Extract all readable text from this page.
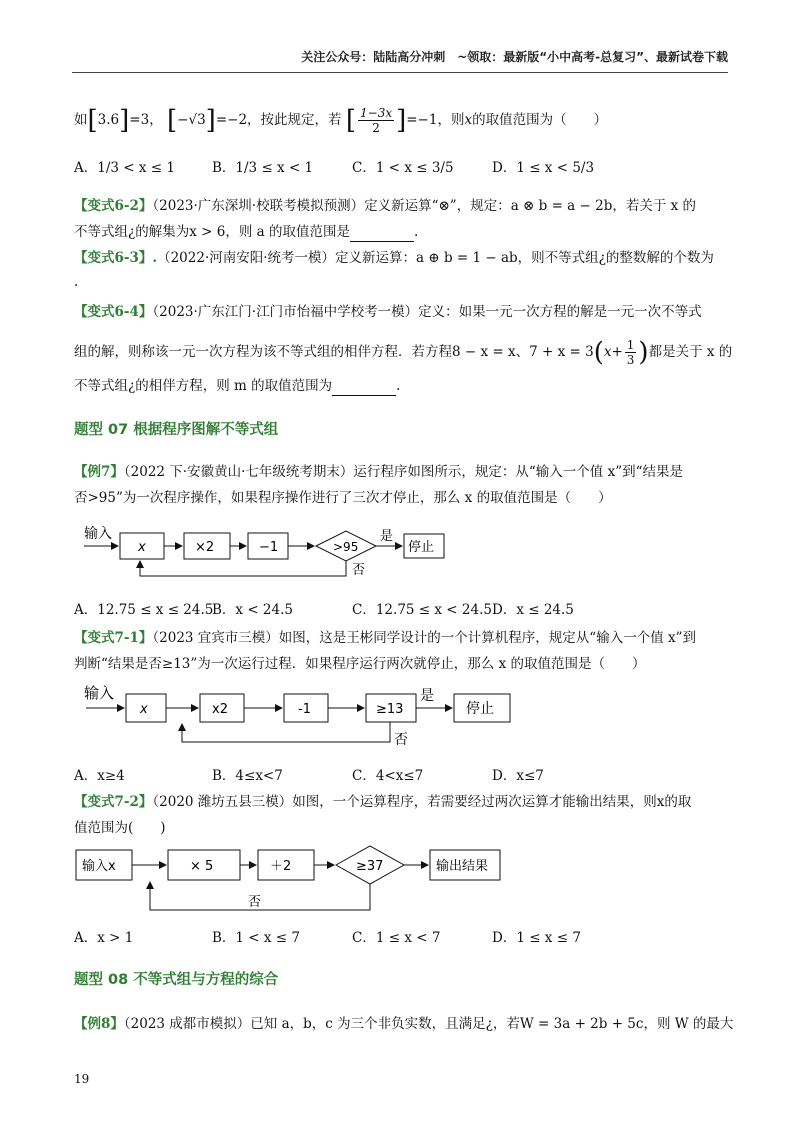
关注公众号：陆陆高分冲刺　~领取：最新版“小中高考-总复习”、最新试卷下载
如[3.6]=3， [−√3]=−2，按此规定，若 [ $\frac{1-3x}{2} ]=-1$，则x的取值范围为（　　）
A．1/3 < x ≤ 1	B．1/3 ≤ x < 1	C．1 < x ≤ 3/5	D．1 ≤ x < 5/3
【变式6-2】（2023·广东深圳·校联考模拟预测）定义新运算“⊗”，规定：a ⊗ b = a − 2b，若关于 x 的
不等式组¿的解集为x > 6，则 a 的取值范围是	.
【变式6-3】.（2022·河南安阳·统考一模）定义新运算：a ⊕ b = 1 − ab，则不等式组¿的整数解的个数为
.
【变式6-4】（2023·广东江门·江门市怡福中学校考一模）定义：如果一元一次方程的解是一元一次不等式
组的解，则称该一元一次方程为该不等式组的相伴方程．若方程8 − x = x、$7 + x = 3(x+ \frac{1}{3}$ )都是关于 x 的
不等式组¿的相伴方程，则 m 的取值范围为	.
题型 07 根据程序图解不等式组
【例7】（2022 下·安徽黄山·七年级统考期末）运行程序如图所示，规定：从“输入一个值 x”到“结果是
否>95”为一次程序操作，如果程序操作进行了三次才停止，那么 x 的取值范围是（　　）
输入
x	×2	−1	>95
是
停止
否
输入
x	x2	-1	≥13
是
停止
否
输入x	× 5	＋2	≥37	输出结果
否
A．12.75 ≤ x ≤ 24.5
B．x < 24.5	C．12.75 ≤ x < 24.5 D．x ≤ 24.5
【变式7-1】（2023 宜宾市三模）如图，这是王彬同学设计的一个计算机程序，规定从“输入一个值 x”到
判断“结果是否≥13”为一次运行过程．如果程序运行两次就停止，那么 x 的取值范围是（　　）
A．x≥4	B．4≤x<7	C．4<x≤7	D．x≤7
【变式7-2】（2020 潍坊五县三模）如图，一个运算程序，若需要经过两次运算才能输出结果，则x的取
值范围为(　　)
A．x > 1	B．1 < x ≤ 7	C．1 ≤ x < 7	D．1 ≤ x ≤ 7
题型 08 不等式组与方程的综合
【例8】（2023 成都市模拟）已知 a，b，c 为三个非负实数，且满足¿，若W = 3a + 2b + 5c，则 W 的最大
19
